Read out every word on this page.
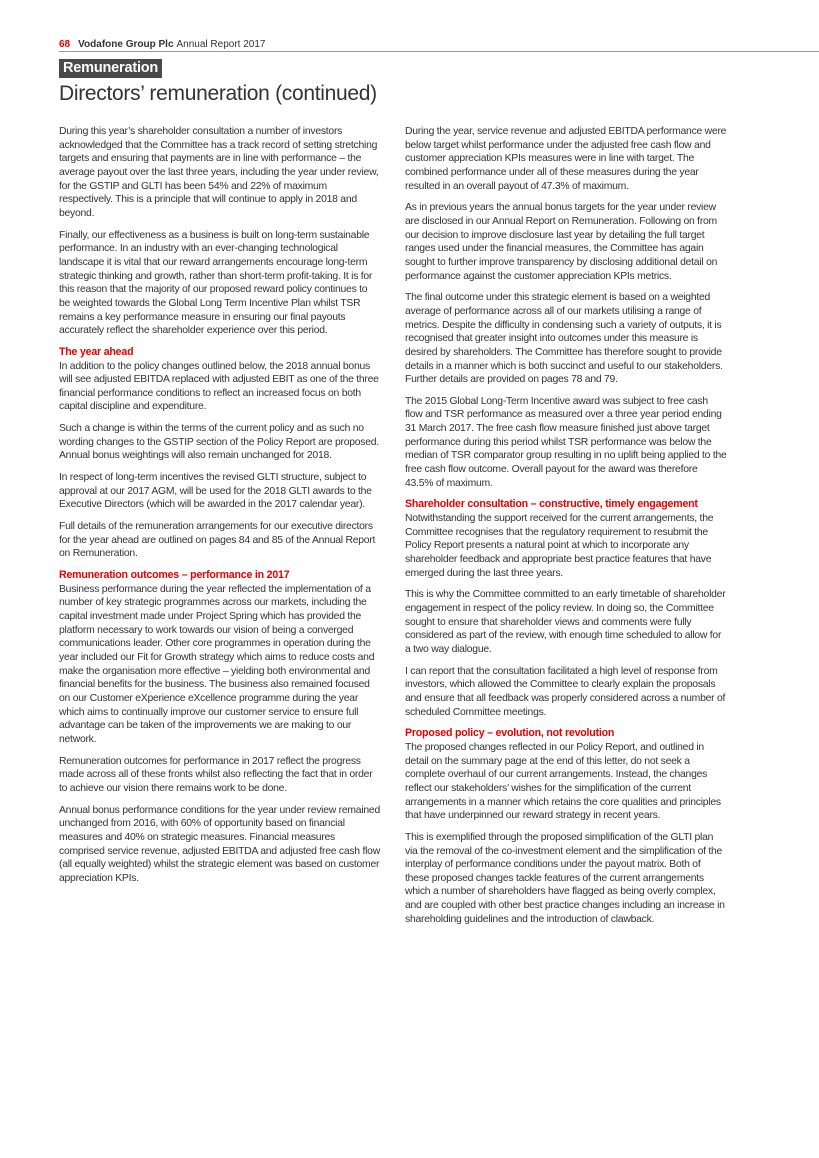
68 Vodafone Group Plc Annual Report 2017
Remuneration
Directors’ remuneration (continued)

During this year’s shareholder consultation a number of investors acknowledged that the Committee has a track record of setting stretching targets and ensuring that payments are in line with performance – the average payout over the last three years, including the year under review, for the GSTIP and GLTI has been 54% and 22% of maximum respectively. This is a principle that will continue to apply in 2018 and beyond.

Finally, our effectiveness as a business is built on long-term sustainable performance. In an industry with an ever-changing technological landscape it is vital that our reward arrangements encourage long-term strategic thinking and growth, rather than short-term profit-taking. It is for this reason that the majority of our proposed reward policy continues to be weighted towards the Global Long Term Incentive Plan whilst TSR remains a key performance measure in ensuring our final payouts accurately reflect the shareholder experience over this period.

The year ahead

In addition to the policy changes outlined below, the 2018 annual bonus will see adjusted EBITDA replaced with adjusted EBIT as one of the three financial performance conditions to reflect an increased focus on both capital discipline and expenditure.

Such a change is within the terms of the current policy and as such no wording changes to the GSTIP section of the Policy Report are proposed. Annual bonus weightings will also remain unchanged for 2018.

In respect of long-term incentives the revised GLTI structure, subject to approval at our 2017 AGM, will be used for the 2018 GLTI awards to the Executive Directors (which will be awarded in the 2017 calendar year).

Full details of the remuneration arrangements for our executive directors for the year ahead are outlined on pages 84 and 85 of the Annual Report on Remuneration.

Remuneration outcomes – performance in 2017

Business performance during the year reflected the implementation of a number of key strategic programmes across our markets, including the capital investment made under Project Spring which has provided the platform necessary to work towards our vision of being a converged communications leader. Other core programmes in operation during the year included our Fit for Growth strategy which aims to reduce costs and make the organisation more effective – yielding both environmental and financial benefits for the business. The business also remained focused on our Customer eXperience eXcellence programme during the year which aims to continually improve our customer service to ensure full advantage can be taken of the improvements we are making to our network.

Remuneration outcomes for performance in 2017 reflect the progress made across all of these fronts whilst also reflecting the fact that in order to achieve our vision there remains work to be done.

Annual bonus performance conditions for the year under review remained unchanged from 2016, with 60% of opportunity based on financial measures and 40% on strategic measures. Financial measures comprised service revenue, adjusted EBITDA and adjusted free cash flow (all equally weighted) whilst the strategic element was based on customer appreciation KPIs.

During the year, service revenue and adjusted EBITDA performance were below target whilst performance under the adjusted free cash flow and customer appreciation KPIs measures were in line with target. The combined performance under all of these measures during the year resulted in an overall payout of 47.3% of maximum.

As in previous years the annual bonus targets for the year under review are disclosed in our Annual Report on Remuneration. Following on from our decision to improve disclosure last year by detailing the full target ranges used under the financial measures, the Committee has again sought to further improve transparency by disclosing additional detail on performance against the customer appreciation KPIs metrics.

The final outcome under this strategic element is based on a weighted average of performance across all of our markets utilising a range of metrics. Despite the difficulty in condensing such a variety of outputs, it is recognised that greater insight into outcomes under this measure is desired by shareholders. The Committee has therefore sought to provide details in a manner which is both succinct and useful to our stakeholders. Further details are provided on pages 78 and 79.

The 2015 Global Long-Term Incentive award was subject to free cash flow and TSR performance as measured over a three year period ending 31 March 2017. The free cash flow measure finished just above target performance during this period whilst TSR performance was below the median of TSR comparator group resulting in no uplift being applied to the free cash flow outcome. Overall payout for the award was therefore 43.5% of maximum.

Shareholder consultation – constructive, timely engagement

Notwithstanding the support received for the current arrangements, the Committee recognises that the regulatory requirement to resubmit the Policy Report presents a natural point at which to incorporate any shareholder feedback and appropriate best practice features that have emerged during the last three years.

This is why the Committee committed to an early timetable of shareholder engagement in respect of the policy review. In doing so, the Committee sought to ensure that shareholder views and comments were fully considered as part of the review, with enough time scheduled to allow for a two way dialogue.

I can report that the consultation facilitated a high level of response from investors, which allowed the Committee to clearly explain the proposals and ensure that all feedback was properly considered across a number of scheduled Committee meetings.

Proposed policy – evolution, not revolution

The proposed changes reflected in our Policy Report, and outlined in detail on the summary page at the end of this letter, do not seek a complete overhaul of our current arrangements. Instead, the changes reflect our stakeholders’ wishes for the simplification of the current arrangements in a manner which retains the core qualities and principles that have underpinned our reward strategy in recent years.

This is exemplified through the proposed simplification of the GLTI plan via the removal of the co-investment element and the simplification of the interplay of performance conditions under the payout matrix. Both of these proposed changes tackle features of the current arrangements which a number of shareholders have flagged as being overly complex, and are coupled with other best practice changes including an increase in shareholding guidelines and the introduction of clawback.
